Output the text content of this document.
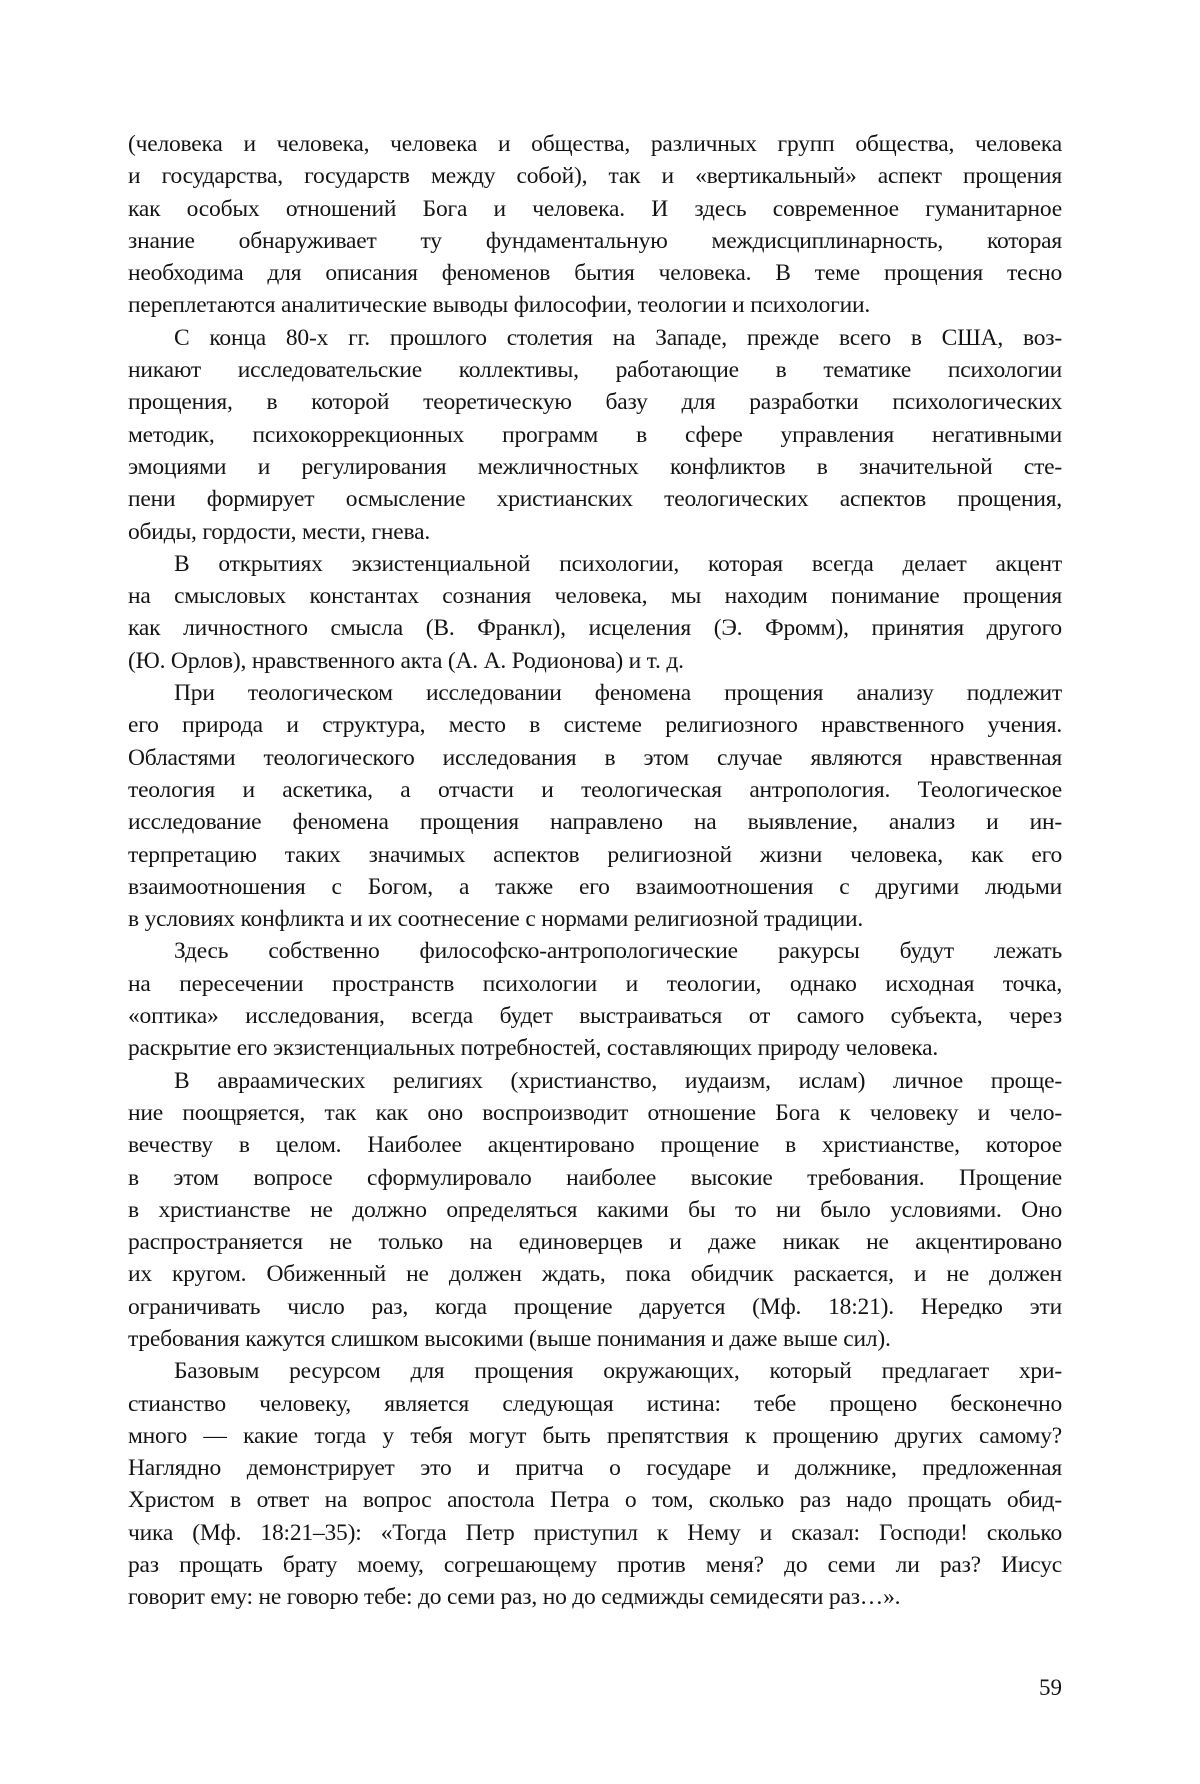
(человека и человека, человека и общества, различных групп общества, человека
и государства, государств между собой), так и «вертикальный» аспект прощения
как особых отношений Бога и человека. И здесь современное гуманитарное
знание обнаруживает ту фундаментальную междисциплинарность, которая
необходима для описания феноменов бытия человека. В теме прощения тесно
переплетаются аналитические выводы философии, теологии и психологии.
С конца 80-х гг. прошлого столетия на Западе, прежде всего в США, воз-
никают исследовательские коллективы, работающие в тематике психологии
прощения, в которой теоретическую базу для разработки психологических
методик, психокоррекционных программ в сфере управления негативными
эмоциями и регулирования межличностных конфликтов в значительной сте-
пени формирует осмысление христианских теологических аспектов прощения,
обиды, гордости, мести, гнева.
В открытиях экзистенциальной психологии, которая всегда делает акцент
на смысловых константах сознания человека, мы находим понимание прощения
как личностного смысла (В. Франкл), исцеления (Э. Фромм), принятия другого
(Ю. Орлов), нравственного акта (А. А. Родионова) и т. д.
При теологическом исследовании феномена прощения анализу подлежит
его природа и структура, место в системе религиозного нравственного учения.
Областями теологического исследования в этом случае являются нравственная
теология и аскетика, а отчасти и теологическая антропология. Теологическое
исследование феномена прощения направлено на выявление, анализ и ин-
терпретацию таких значимых аспектов религиозной жизни человека, как его
взаимоотношения с Богом, а также его взаимоотношения с другими людьми
в условиях конфликта и их соотнесение с нормами религиозной традиции.
Здесь собственно философско-антропологические ракурсы будут лежать
на пересечении пространств психологии и теологии, однако исходная точка,
«оптика» исследования, всегда будет выстраиваться от самого субъекта, через
раскрытие его экзистенциальных потребностей, составляющих природу человека.
В авраамических религиях (христианство, иудаизм, ислам) личное проще-
ние поощряется, так как оно воспроизводит отношение Бога к человеку и чело-
вечеству в целом. Наиболее акцентировано прощение в христианстве, которое
в этом вопросе сформулировало наиболее высокие требования. Прощение
в христианстве не должно определяться какими бы то ни было условиями. Оно
распространяется не только на единоверцев и даже никак не акцентировано
их кругом. Обиженный не должен ждать, пока обидчик раскается, и не должен
ограничивать число раз, когда прощение даруется (Мф. 18:21). Нередко эти
требования кажутся слишком высокими (выше понимания и даже выше сил).
Базовым ресурсом для прощения окружающих, который предлагает хри-
стианство человеку, является следующая истина: тебе прощено бесконечно
много — какие тогда у тебя могут быть препятствия к прощению других самому?
Наглядно демонстрирует это и притча о государе и должнике, предложенная
Христом в ответ на вопрос апостола Петра о том, сколько раз надо прощать обид-
чика (Мф. 18:21–35): «Тогда Петр приступил к Нему и сказал: Господи! сколько
раз прощать брату моему, согрешающему против меня? до семи ли раз? Иисус
говорит ему: не говорю тебе: до семи раз, но до седмижды семидесяти раз…».
59
